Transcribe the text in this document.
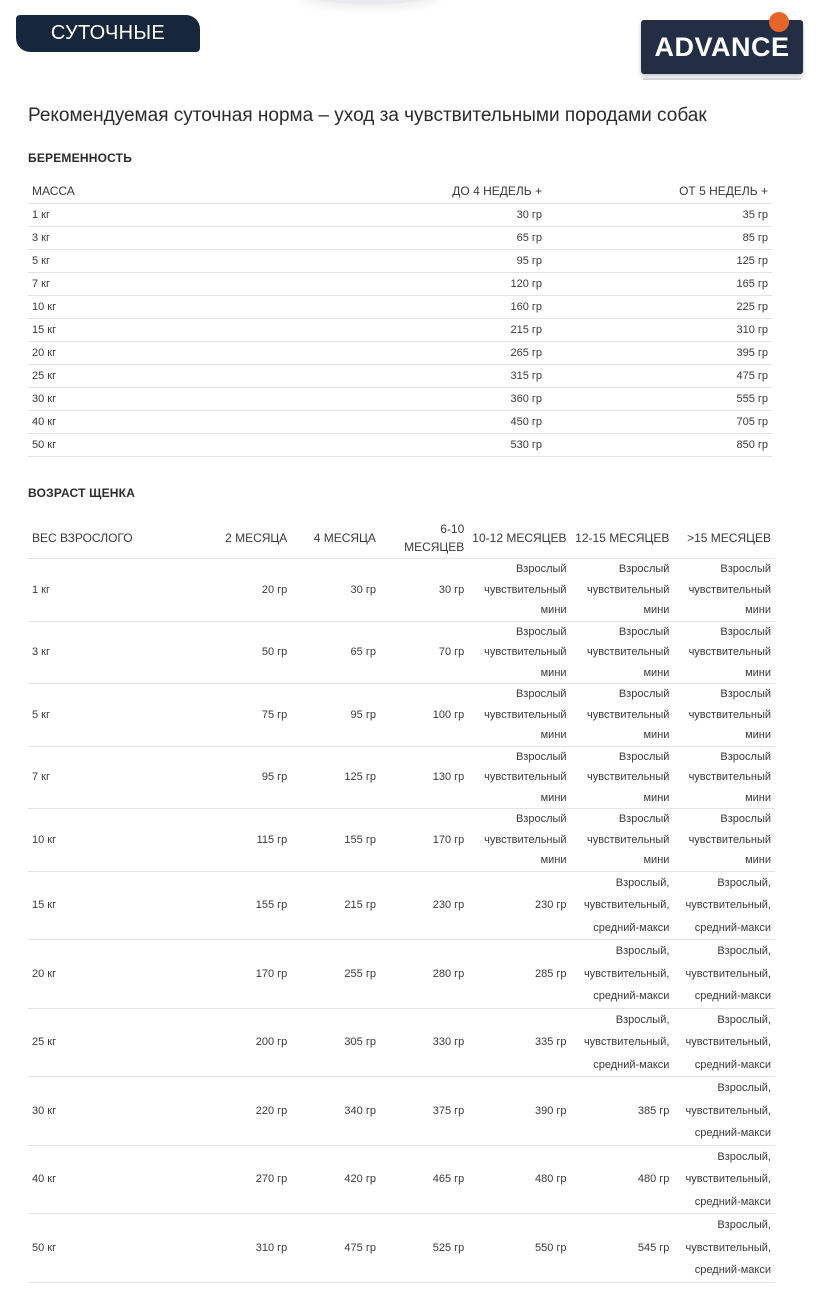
СУТОЧНЫЕ	ADVANCE
Рекомендуемая суточная норма – уход за чувствительными породами собак

БЕРЕМЕННОСТЬ

МАССА	ДО 4 НЕДЕЛЬ +	ОТ 5 НЕДЕЛЬ +
1 кг	30 гр	35 гр
3 кг	65 гр	85 гр
5 кг	95 гр	125 гр
7 кг	120 гр	165 гр
10 кг	160 гр	225 гр
15 кг	215 гр	310 гр
20 кг	265 гр	395 гр
25 кг	315 гр	475 гр
30 кг	360 гр	555 гр
40 кг	450 гр	705 гр
50 кг	530 гр	850 гр

ВОЗРАСТ ЩЕНКА

ВЕС ВЗРОСЛОГО	2 МЕСЯЦА	4 МЕСЯЦА	6-10 МЕСЯЦЕВ	10-12 МЕСЯЦЕВ	12-15 МЕСЯЦЕВ	>15 МЕСЯЦЕВ
1 кг	20 гр	30 гр	30 гр	Взрослый чувствительный мини	Взрослый чувствительный мини	Взрослый чувствительный мини
3 кг	50 гр	65 гр	70 гр	Взрослый чувствительный мини	Взрослый чувствительный мини	Взрослый чувствительный мини
5 кг	75 гр	95 гр	100 гр	Взрослый чувствительный мини	Взрослый чувствительный мини	Взрослый чувствительный мини
7 кг	95 гр	125 гр	130 гр	Взрослый чувствительный мини	Взрослый чувствительный мини	Взрослый чувствительный мини
10 кг	115 гр	155 гр	170 гр	Взрослый чувствительный мини	Взрослый чувствительный мини	Взрослый чувствительный мини
15 кг	155 гр	215 гр	230 гр	230 гр	Взрослый, чувствительный, средний-макси	Взрослый, чувствительный, средний-макси
20 кг	170 гр	255 гр	280 гр	285 гр	Взрослый, чувствительный, средний-макси	Взрослый, чувствительный, средний-макси
25 кг	200 гр	305 гр	330 гр	335 гр	Взрослый, чувствительный, средний-макси	Взрослый, чувствительный, средний-макси
30 кг	220 гр	340 гр	375 гр	390 гр	385 гр	Взрослый, чувствительный, средний-макси
40 кг	270 гр	420 гр	465 гр	480 гр	480 гр	Взрослый, чувствительный, средний-макси
50 кг	310 гр	475 гр	525 гр	550 гр	545 гр	Взрослый, чувствительный, средний-макси
